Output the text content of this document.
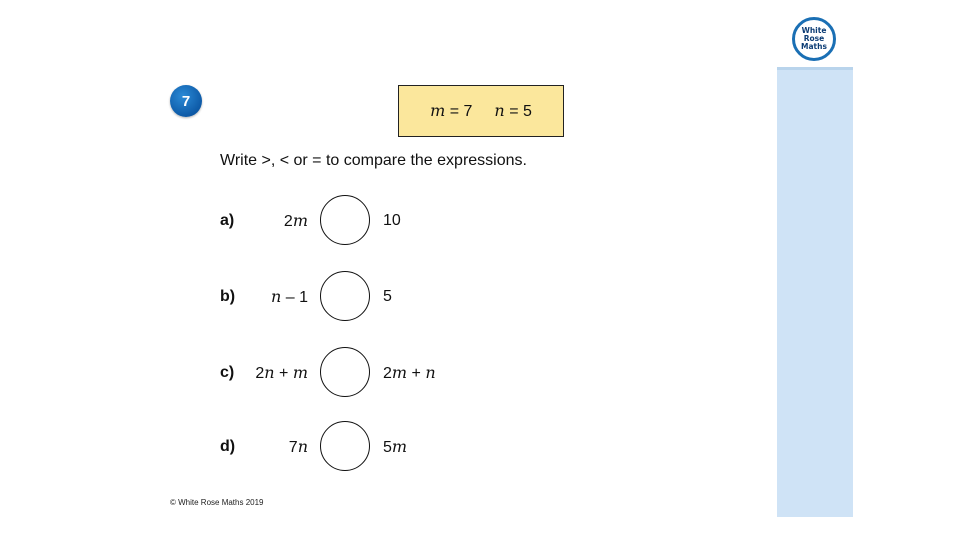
White
Rose
Maths
7	m = 7 n = 5
Write >, < or = to compare the expressions.
a)	2m	10
b) n – 1	5
c) 2n + m	2m + n
d)	7n	5m
© White Rose Maths 2019
